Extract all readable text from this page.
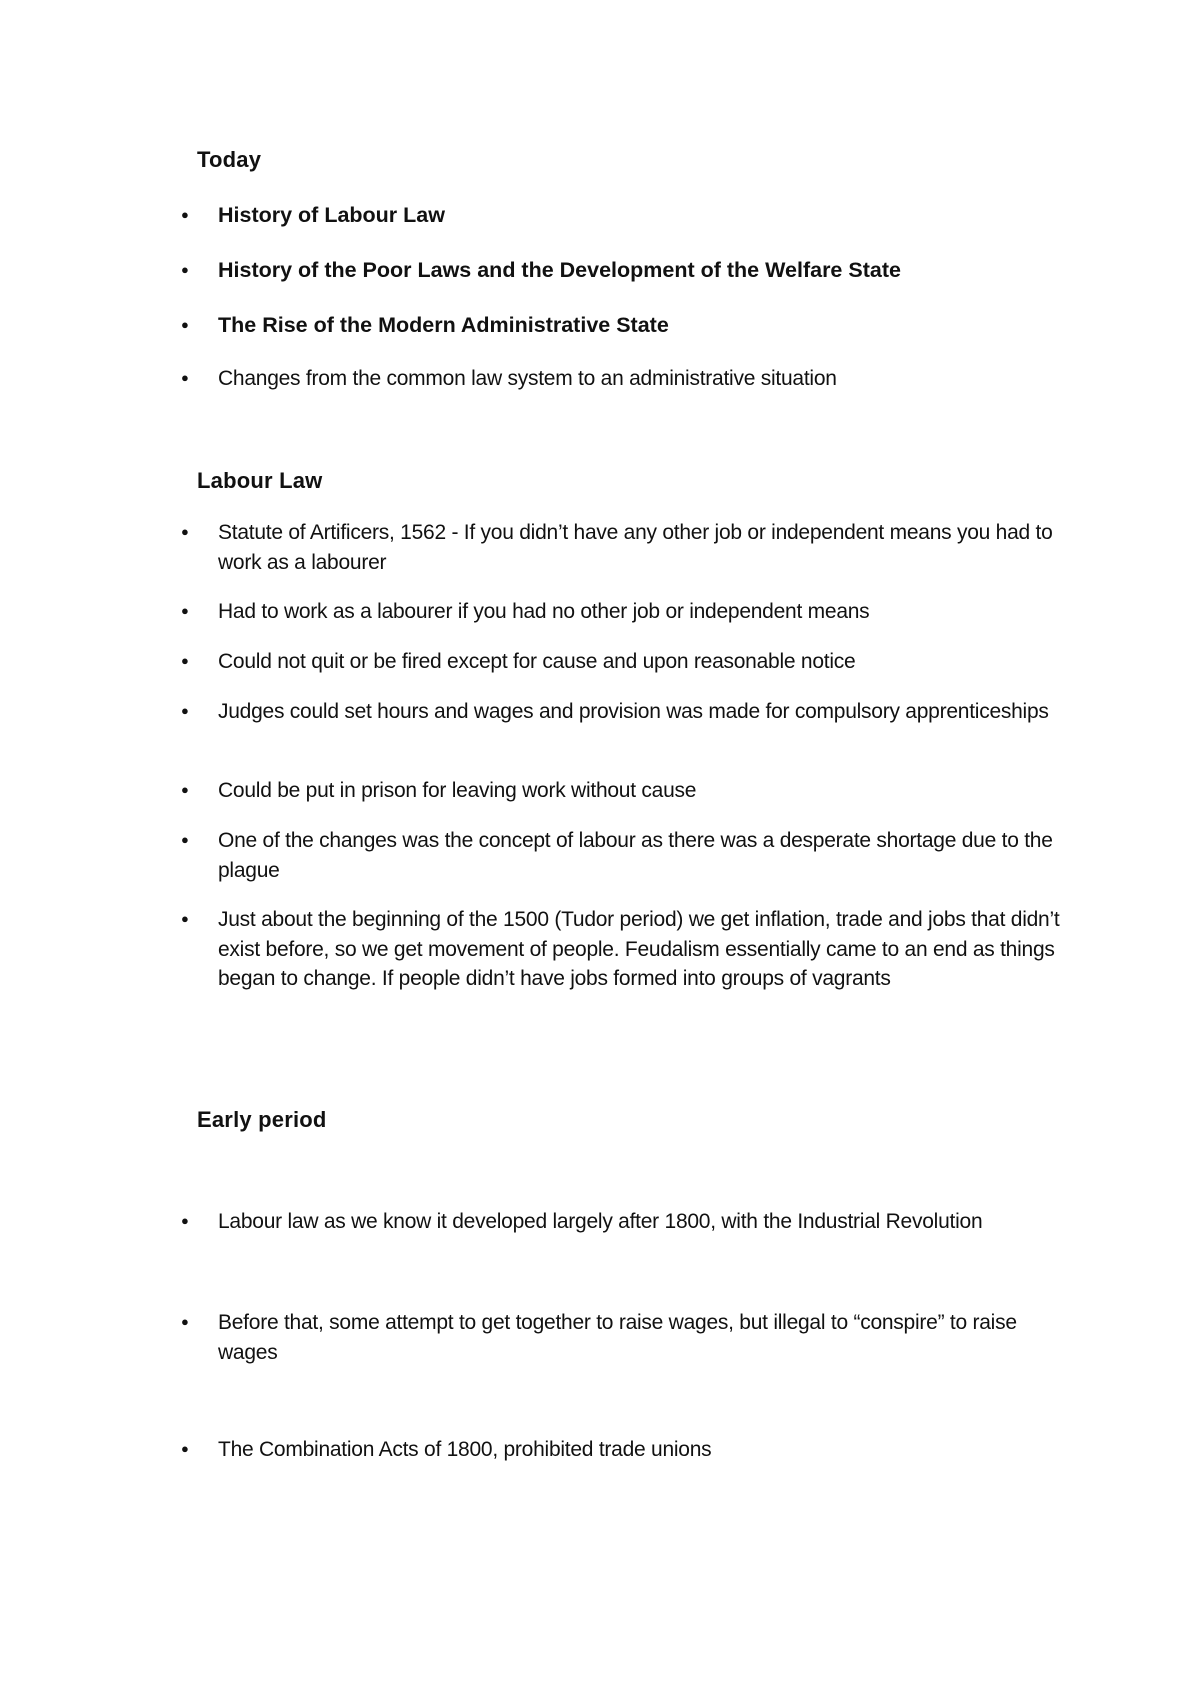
Today
● History of Labour Law
● History of the Poor Laws and the Development of the Welfare State
● The Rise of the Modern Administrative State
● Changes from the common law system to an administrative situation
Labour Law
● Statute of Artificers, 1562 - If you didn’t have any other job or independent means you had to work as a labourer
● Had to work as a labourer if you had no other job or independent means
● Could not quit or be fired except for cause and upon reasonable notice
● Judges could set hours and wages and provision was made for compulsory apprenticeships
● Could be put in prison for leaving work without cause
● One of the changes was the concept of labour as there was a desperate shortage due to the plague
● Just about the beginning of the 1500 (Tudor period) we get inflation, trade and jobs that didn’t exist before, so we get movement of people. Feudalism essentially came to an end as things began to change. If people didn’t have jobs formed into groups of vagrants
Early period
● Labour law as we know it developed largely after 1800, with the Industrial Revolution
● Before that, some attempt to get together to raise wages, but illegal to “conspire” to raise wages
● The Combination Acts of 1800, prohibited trade unions
